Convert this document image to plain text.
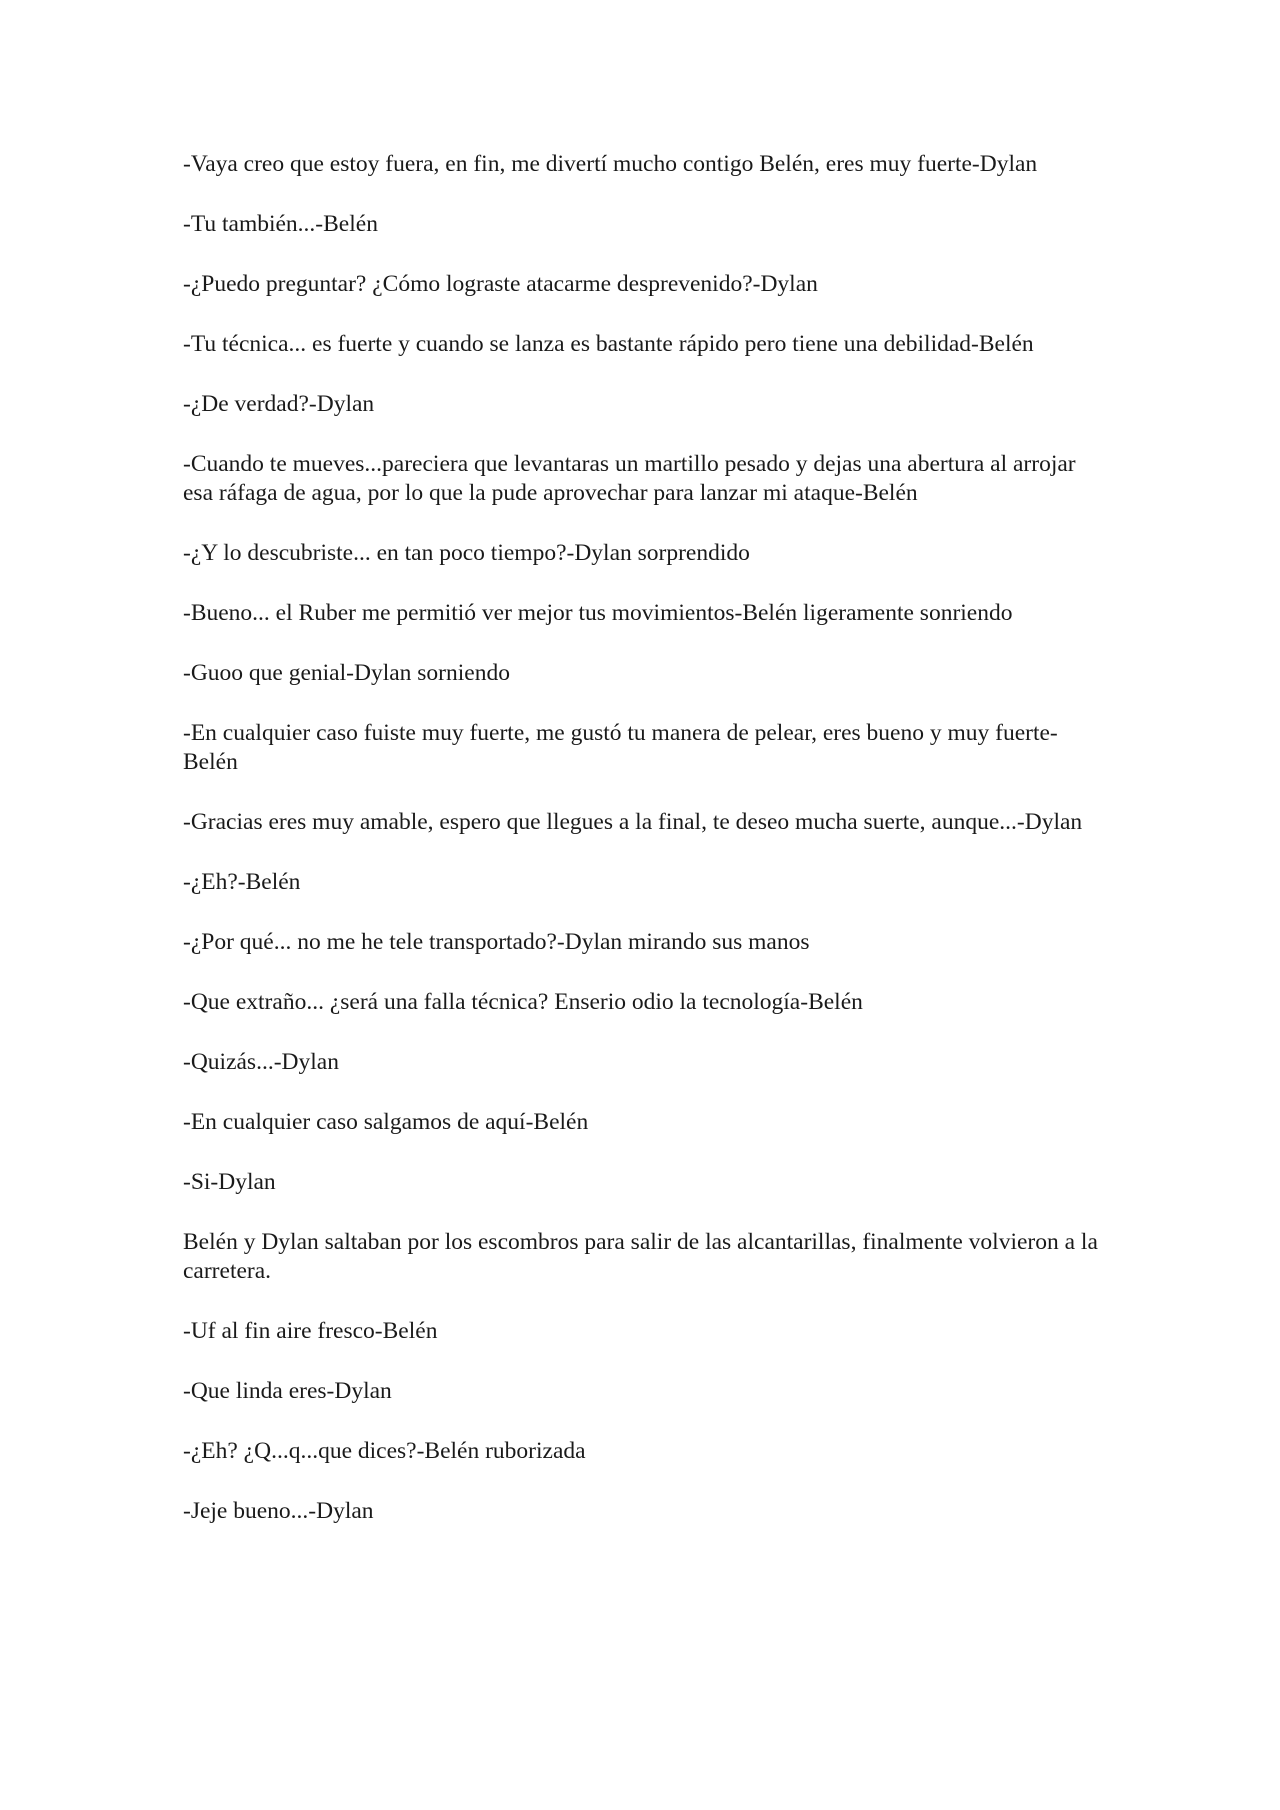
-Vaya creo que estoy fuera, en fin, me divertí mucho contigo Belén, eres muy fuerte-Dylan

-Tu también...-Belén

-¿Puedo preguntar? ¿Cómo lograste atacarme desprevenido?-Dylan

-Tu técnica... es fuerte y cuando se lanza es bastante rápido pero tiene una debilidad-Belén

-¿De verdad?-Dylan

-Cuando te mueves...pareciera que levantaras un martillo pesado y dejas una abertura al arrojar esa ráfaga de agua, por lo que la pude aprovechar para lanzar mi ataque-Belén

-¿Y lo descubriste... en tan poco tiempo?-Dylan sorprendido

-Bueno... el Ruber me permitió ver mejor tus movimientos-Belén ligeramente sonriendo

-Guoo que genial-Dylan sorniendo

-En cualquier caso fuiste muy fuerte, me gustó tu manera de pelear, eres bueno y muy fuerte-Belén

-Gracias eres muy amable, espero que llegues a la final, te deseo mucha suerte, aunque...-Dylan

-¿Eh?-Belén

-¿Por qué... no me he tele transportado?-Dylan mirando sus manos

-Que extraño... ¿será una falla técnica? Enserio odio la tecnología-Belén

-Quizás...-Dylan

-En cualquier caso salgamos de aquí-Belén

-Si-Dylan

Belén y Dylan saltaban por los escombros para salir de las alcantarillas, finalmente volvieron a la carretera.

-Uf al fin aire fresco-Belén

-Que linda eres-Dylan

-¿Eh? ¿Q...q...que dices?-Belén ruborizada

-Jeje bueno...-Dylan
